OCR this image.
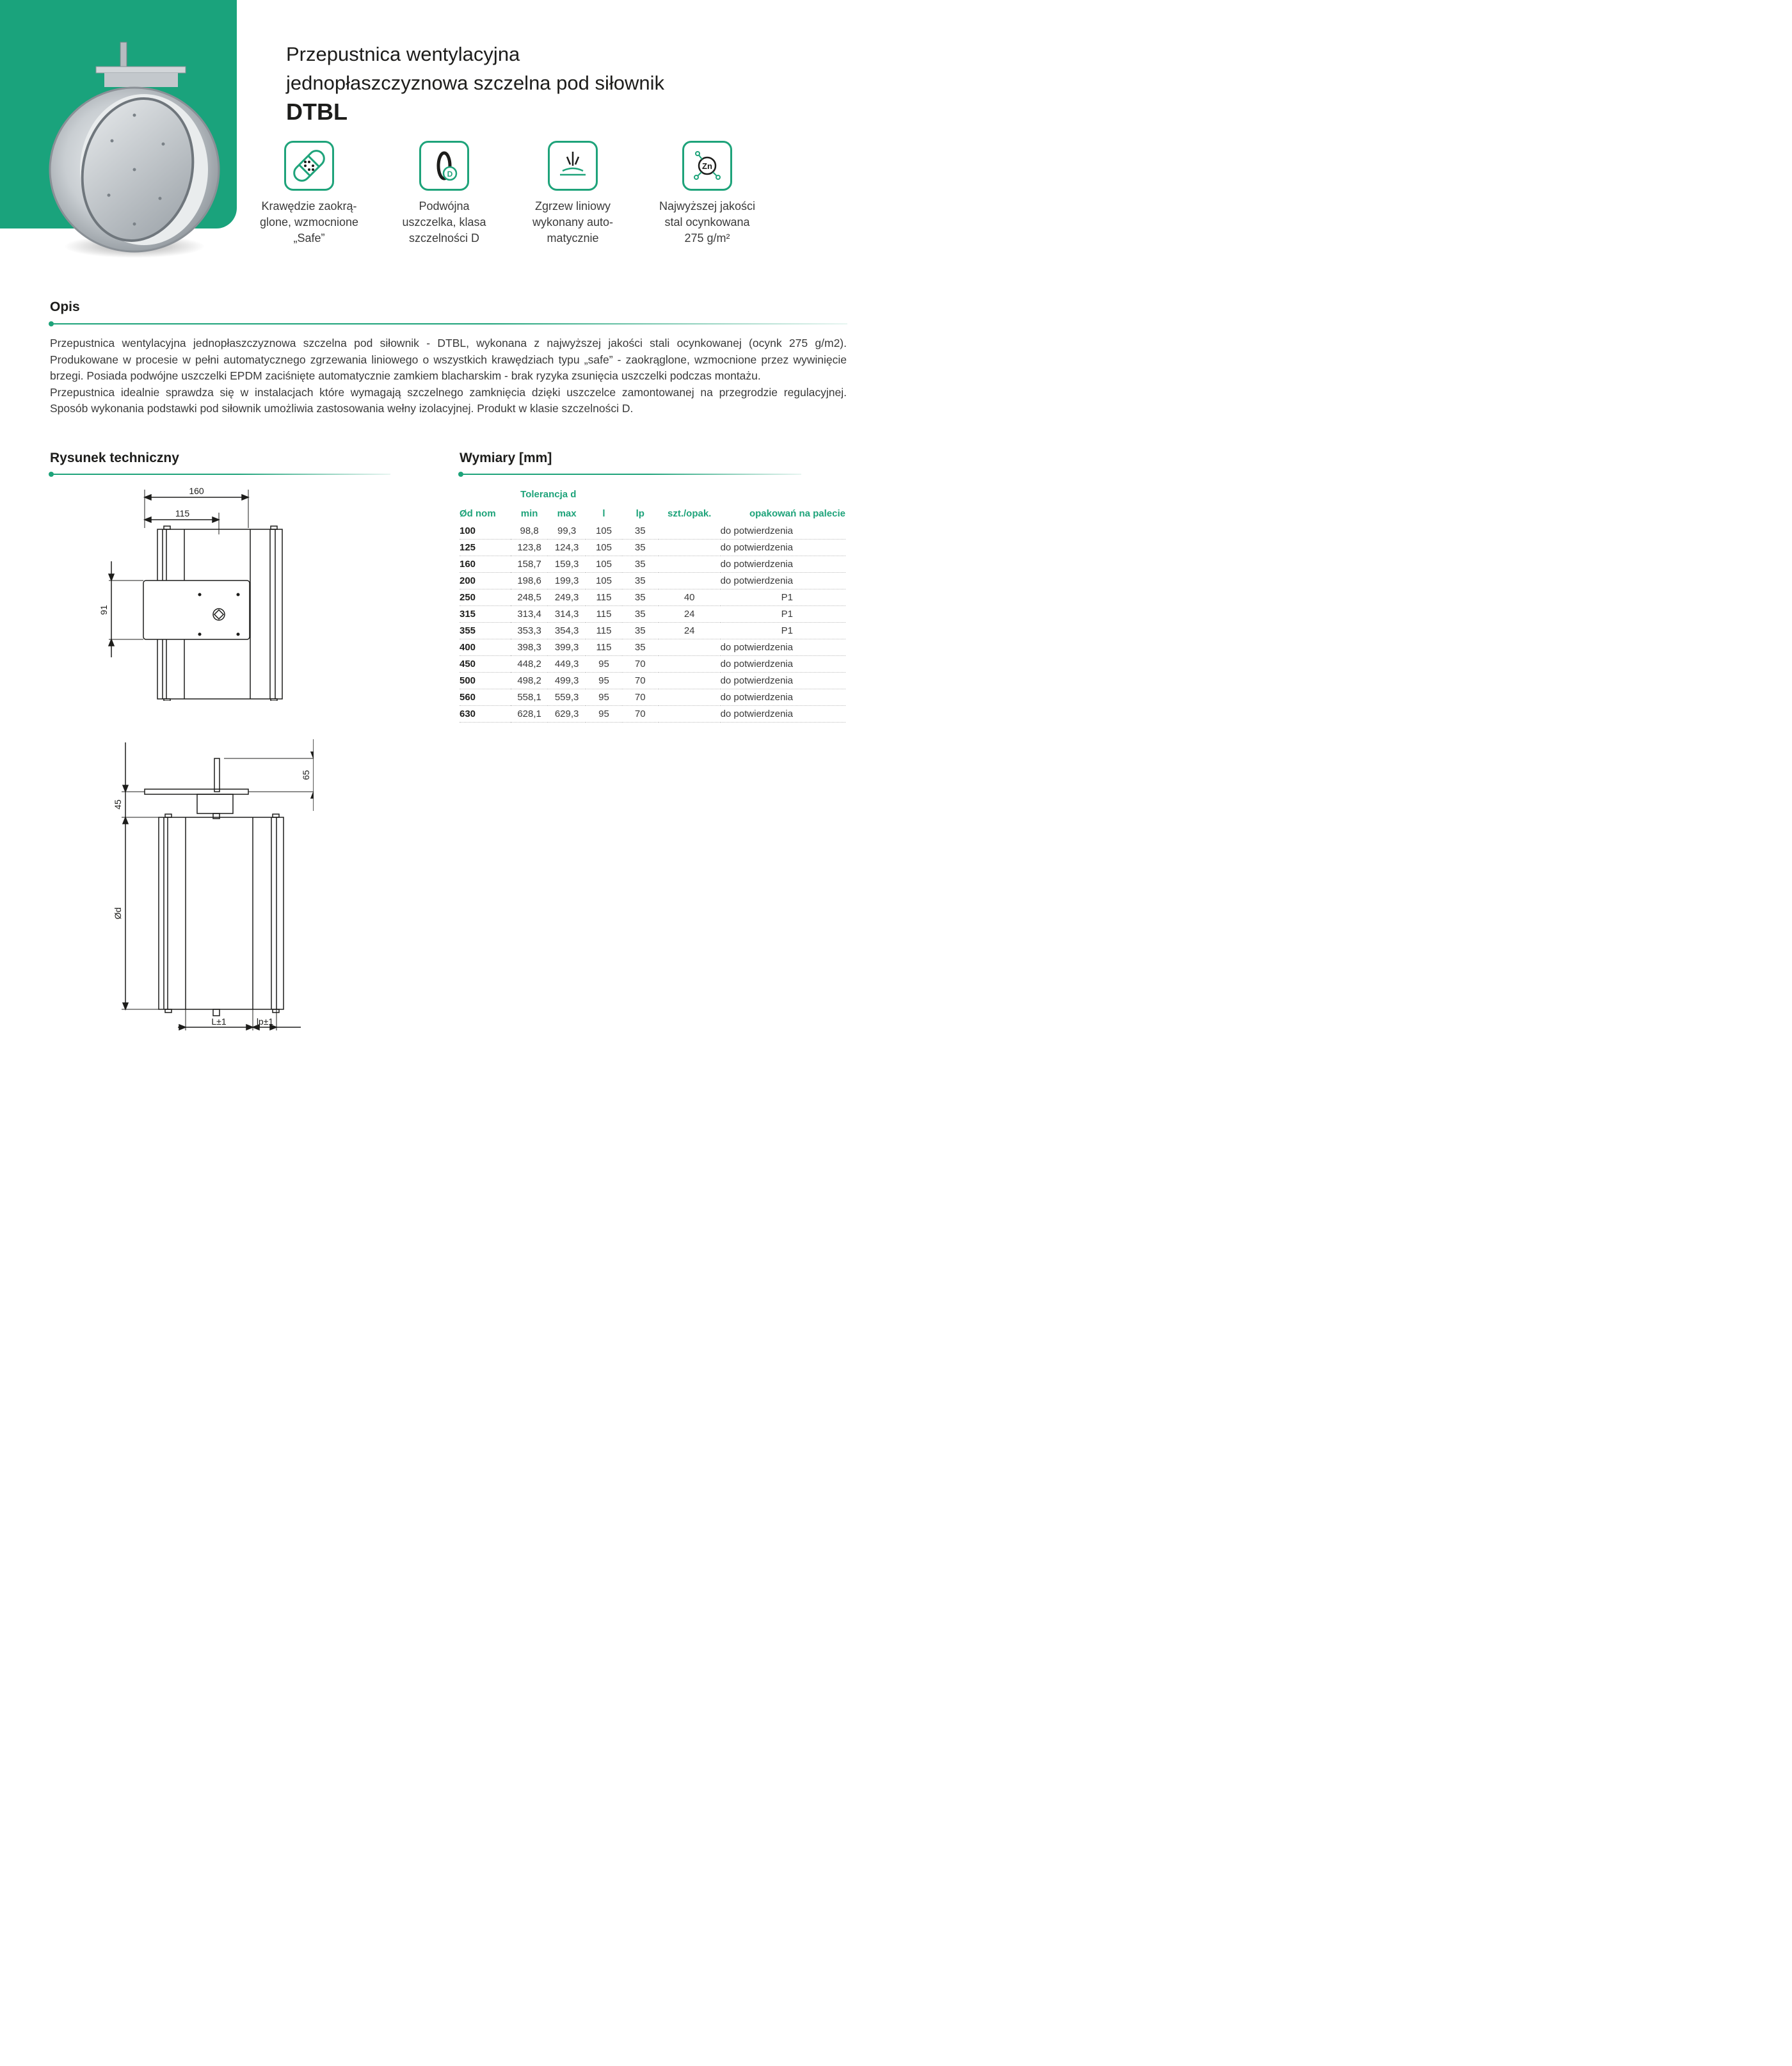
Przepustnica wentylacyjna
jednopłaszczyznowa szczelna pod siłownik
DTBL
Krawędzie zaokrą-
glone, wzmocnione
„Safe”
D
Podwójna
uszczelka, klasa
szczelności D
Zgrzew liniowy
wykonany auto-
matycznie
Zn
Najwyższej jakości
stal ocynkowana
275 g/m²
Opis

Przepustnica wentylacyjna jednopłaszczyznowa szczelna pod siłownik - DTBL, wykonana z najwyższej jakości stali ocynkowanej (ocynk 275 g/m2).
Produkowane w procesie w pełni automatycznego zgrzewania liniowego o wszystkich krawędziach typu „safe” - zaokrąglone, wzmocnione przez wywinięcie
brzegi. Posiada podwójne uszczelki EPDM zaciśnięte automatycznie zamkiem blacharskim - brak ryzyka zsunięcia uszczelki podczas montażu.
Przepustnica idealnie sprawdza się w instalacjach które wymagają szczelnego zamknięcia dzięki uszczelce zamontowanej na przegrodzie regulacyjnej.
Sposób wykonania podstawki pod siłownik umożliwia zastosowania wełny izolacyjnej. Produkt w klasie szczelności D.

Rysunek techniczny
160
115
91
65
45
Ød
L±1	lp±1
Wymiary [mm]
	Tolerancja d					
Ød nom	min	max	l	lp	szt./opak.	opakowań na palecie
100	98,8	99,3	105	35		do potwierdzenia
125	123,8	124,3	105	35		do potwierdzenia
160	158,7	159,3	105	35		do potwierdzenia
200	198,6	199,3	105	35		do potwierdzenia
250	248,5	249,3	115	35	40	P1
315	313,4	314,3	115	35	24	P1
355	353,3	354,3	115	35	24	P1
400	398,3	399,3	115	35		do potwierdzenia
450	448,2	449,3	95	70		do potwierdzenia
500	498,2	499,3	95	70		do potwierdzenia
560	558,1	559,3	95	70		do potwierdzenia
630	628,1	629,3	95	70		do potwierdzenia
